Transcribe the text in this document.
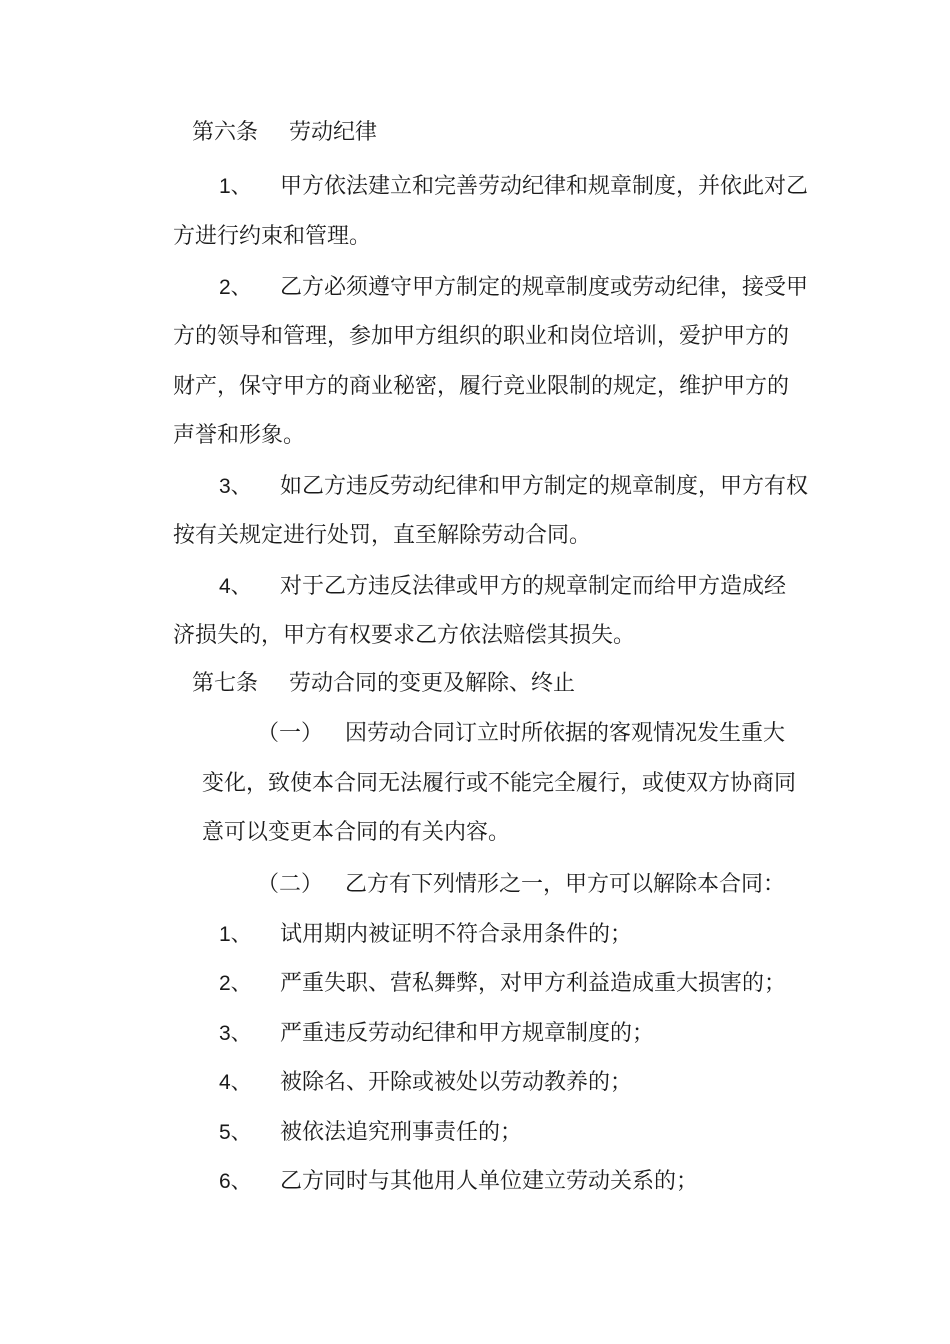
第六条 劳动纪律
1、 甲方依法建立和完善劳动纪律和规章制度，并依此对乙
方进行约束和管理。
2、 乙方必须遵守甲方制定的规章制度或劳动纪律，接受甲
方的领导和管理，参加甲方组织的职业和岗位培训，爱护甲方的
财产，保守甲方的商业秘密，履行竞业限制的规定，维护甲方的
声誉和形象。
3、 如乙方违反劳动纪律和甲方制定的规章制度，甲方有权
按有关规定进行处罚，直至解除劳动合同。
4、 对于乙方违反法律或甲方的规章制定而给甲方造成经
济损失的，甲方有权要求乙方依法赔偿其损失。
第七条 劳动合同的变更及解除、终止
（一） 因劳动合同订立时所依据的客观情况发生重大
变化，致使本合同无法履行或不能完全履行，或使双方协商同
意可以变更本合同的有关内容。
（二） 乙方有下列情形之一，甲方可以解除本合同：
1、 试用期内被证明不符合录用条件的；
2、 严重失职、营私舞弊，对甲方利益造成重大损害的；
3、 严重违反劳动纪律和甲方规章制度的；
4、 被除名、开除或被处以劳动教养的；
5、 被依法追究刑事责任的；
6、 乙方同时与其他用人单位建立劳动关系的；
